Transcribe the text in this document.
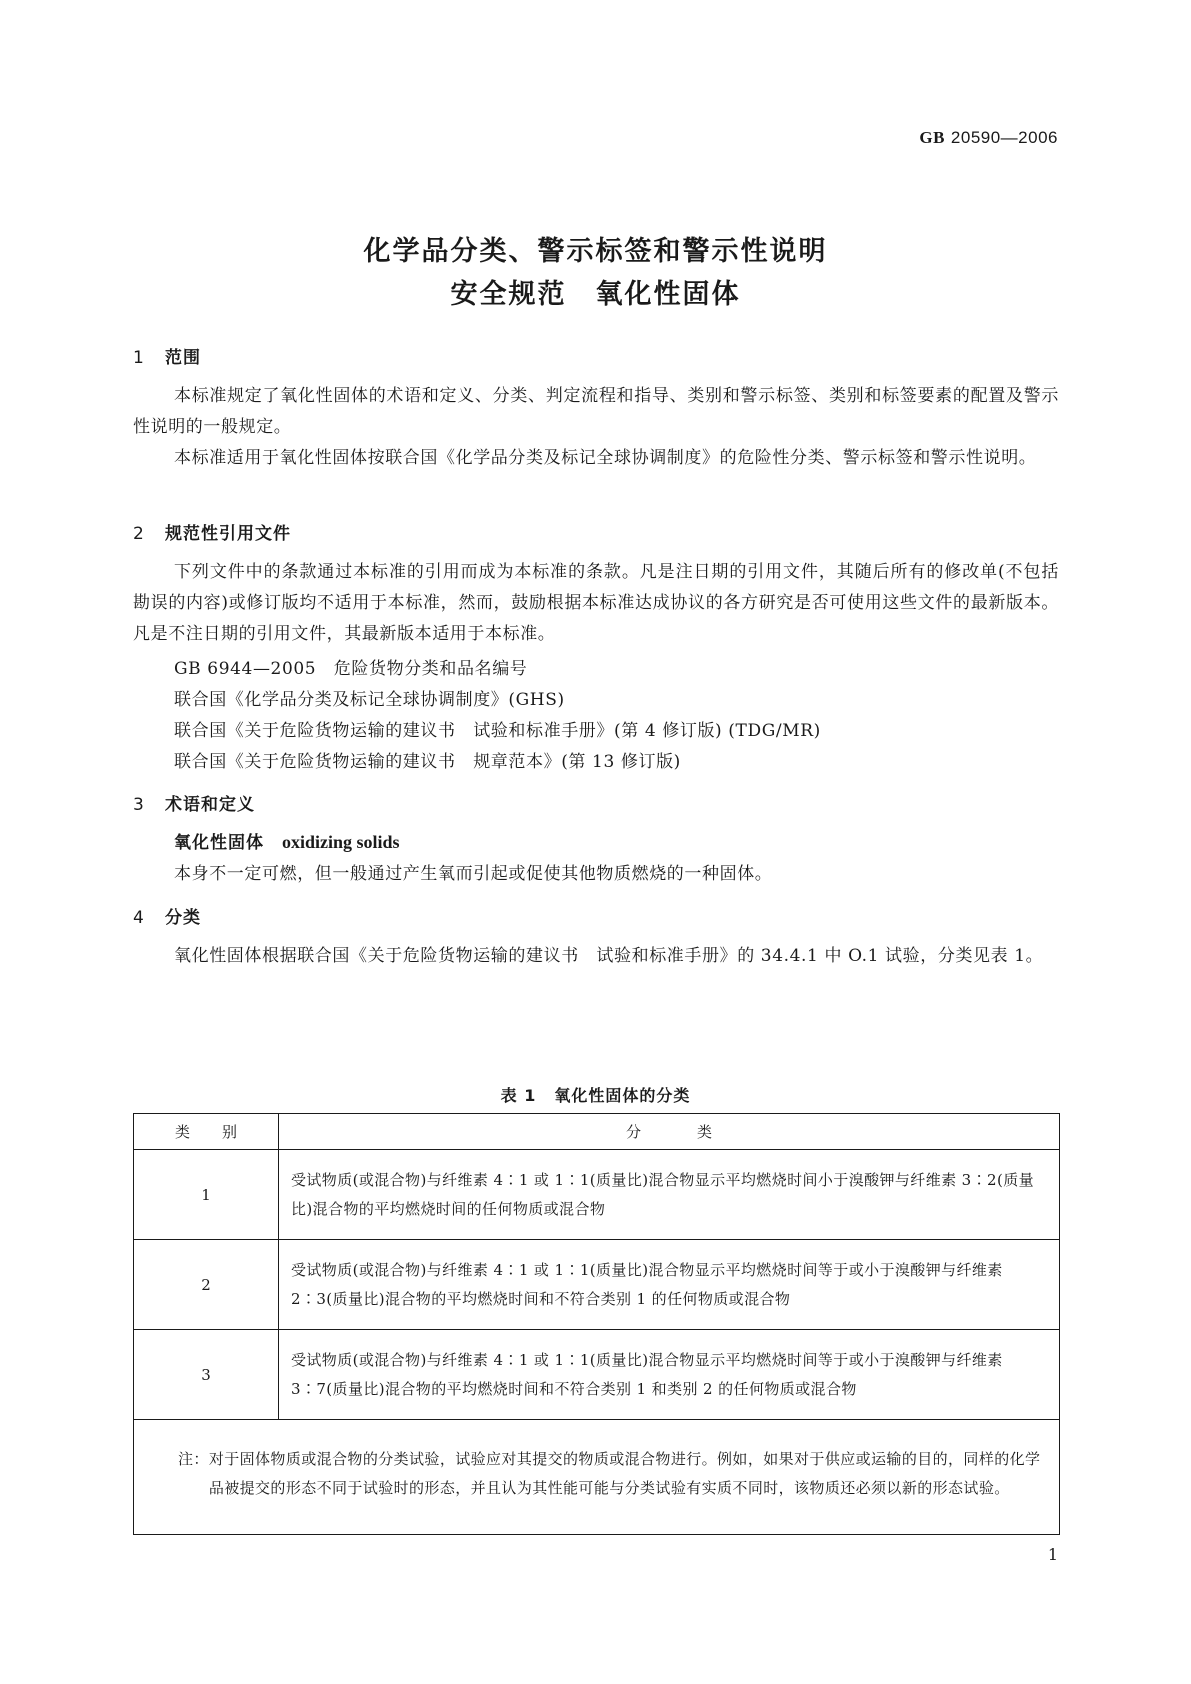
GB 20590—2006
化学品分类、警示标签和警示性说明
安全规范　氧化性固体
1 范围
本标准规定了氧化性固体的术语和定义、分类、判定流程和指导、类别和警示标签、类别和标签要素的配置及警示性说明的一般规定。
本标准适用于氧化性固体按联合国《化学品分类及标记全球协调制度》的危险性分类、警示标签和警示性说明。
2 规范性引用文件
下列文件中的条款通过本标准的引用而成为本标准的条款。凡是注日期的引用文件，其随后所有的修改单(不包括勘误的内容)或修订版均不适用于本标准，然而，鼓励根据本标准达成协议的各方研究是否可使用这些文件的最新版本。凡是不注日期的引用文件，其最新版本适用于本标准。
GB 6944—2005　危险货物分类和品名编号
联合国《化学品分类及标记全球协调制度》(GHS)
联合国《关于危险货物运输的建议书　试验和标准手册》(第 4 修订版) (TDG/MR)
联合国《关于危险货物运输的建议书　规章范本》(第 13 修订版)
3 术语和定义
氧化性固体 oxidizing solids
本身不一定可燃，但一般通过产生氧而引起或促使其他物质燃烧的一种固体。
4 分类
氧化性固体根据联合国《关于危险货物运输的建议书　试验和标准手册》的 34.4.1 中 O.1 试验，分类见表 1。
表 1 氧化性固体的分类
类别	分类
1	受试物质(或混合物)与纤维素 4∶1 或 1∶1(质量比)混合物显示平均燃烧时间小于溴酸钾与纤维素 3∶2(质量比)混合物的平均燃烧时间的任何物质或混合物
2	受试物质(或混合物)与纤维素 4∶1 或 1∶1(质量比)混合物显示平均燃烧时间等于或小于溴酸钾与纤维素 2∶3(质量比)混合物的平均燃烧时间和不符合类别 1 的任何物质或混合物
3	受试物质(或混合物)与纤维素 4∶1 或 1∶1(质量比)混合物显示平均燃烧时间等于或小于溴酸钾与纤维素 3∶7(质量比)混合物的平均燃烧时间和不符合类别 1 和类别 2 的任何物质或混合物

注： 对于固体物质或混合物的分类试验，试验应对其提交的物质或混合物进行。例如，如果对于供应或运输的目的，同样的化学品被提交的形态不同于试验时的形态，并且认为其性能可能与分类试验有实质不同时，该物质还必须以新的形态试验。	
1
